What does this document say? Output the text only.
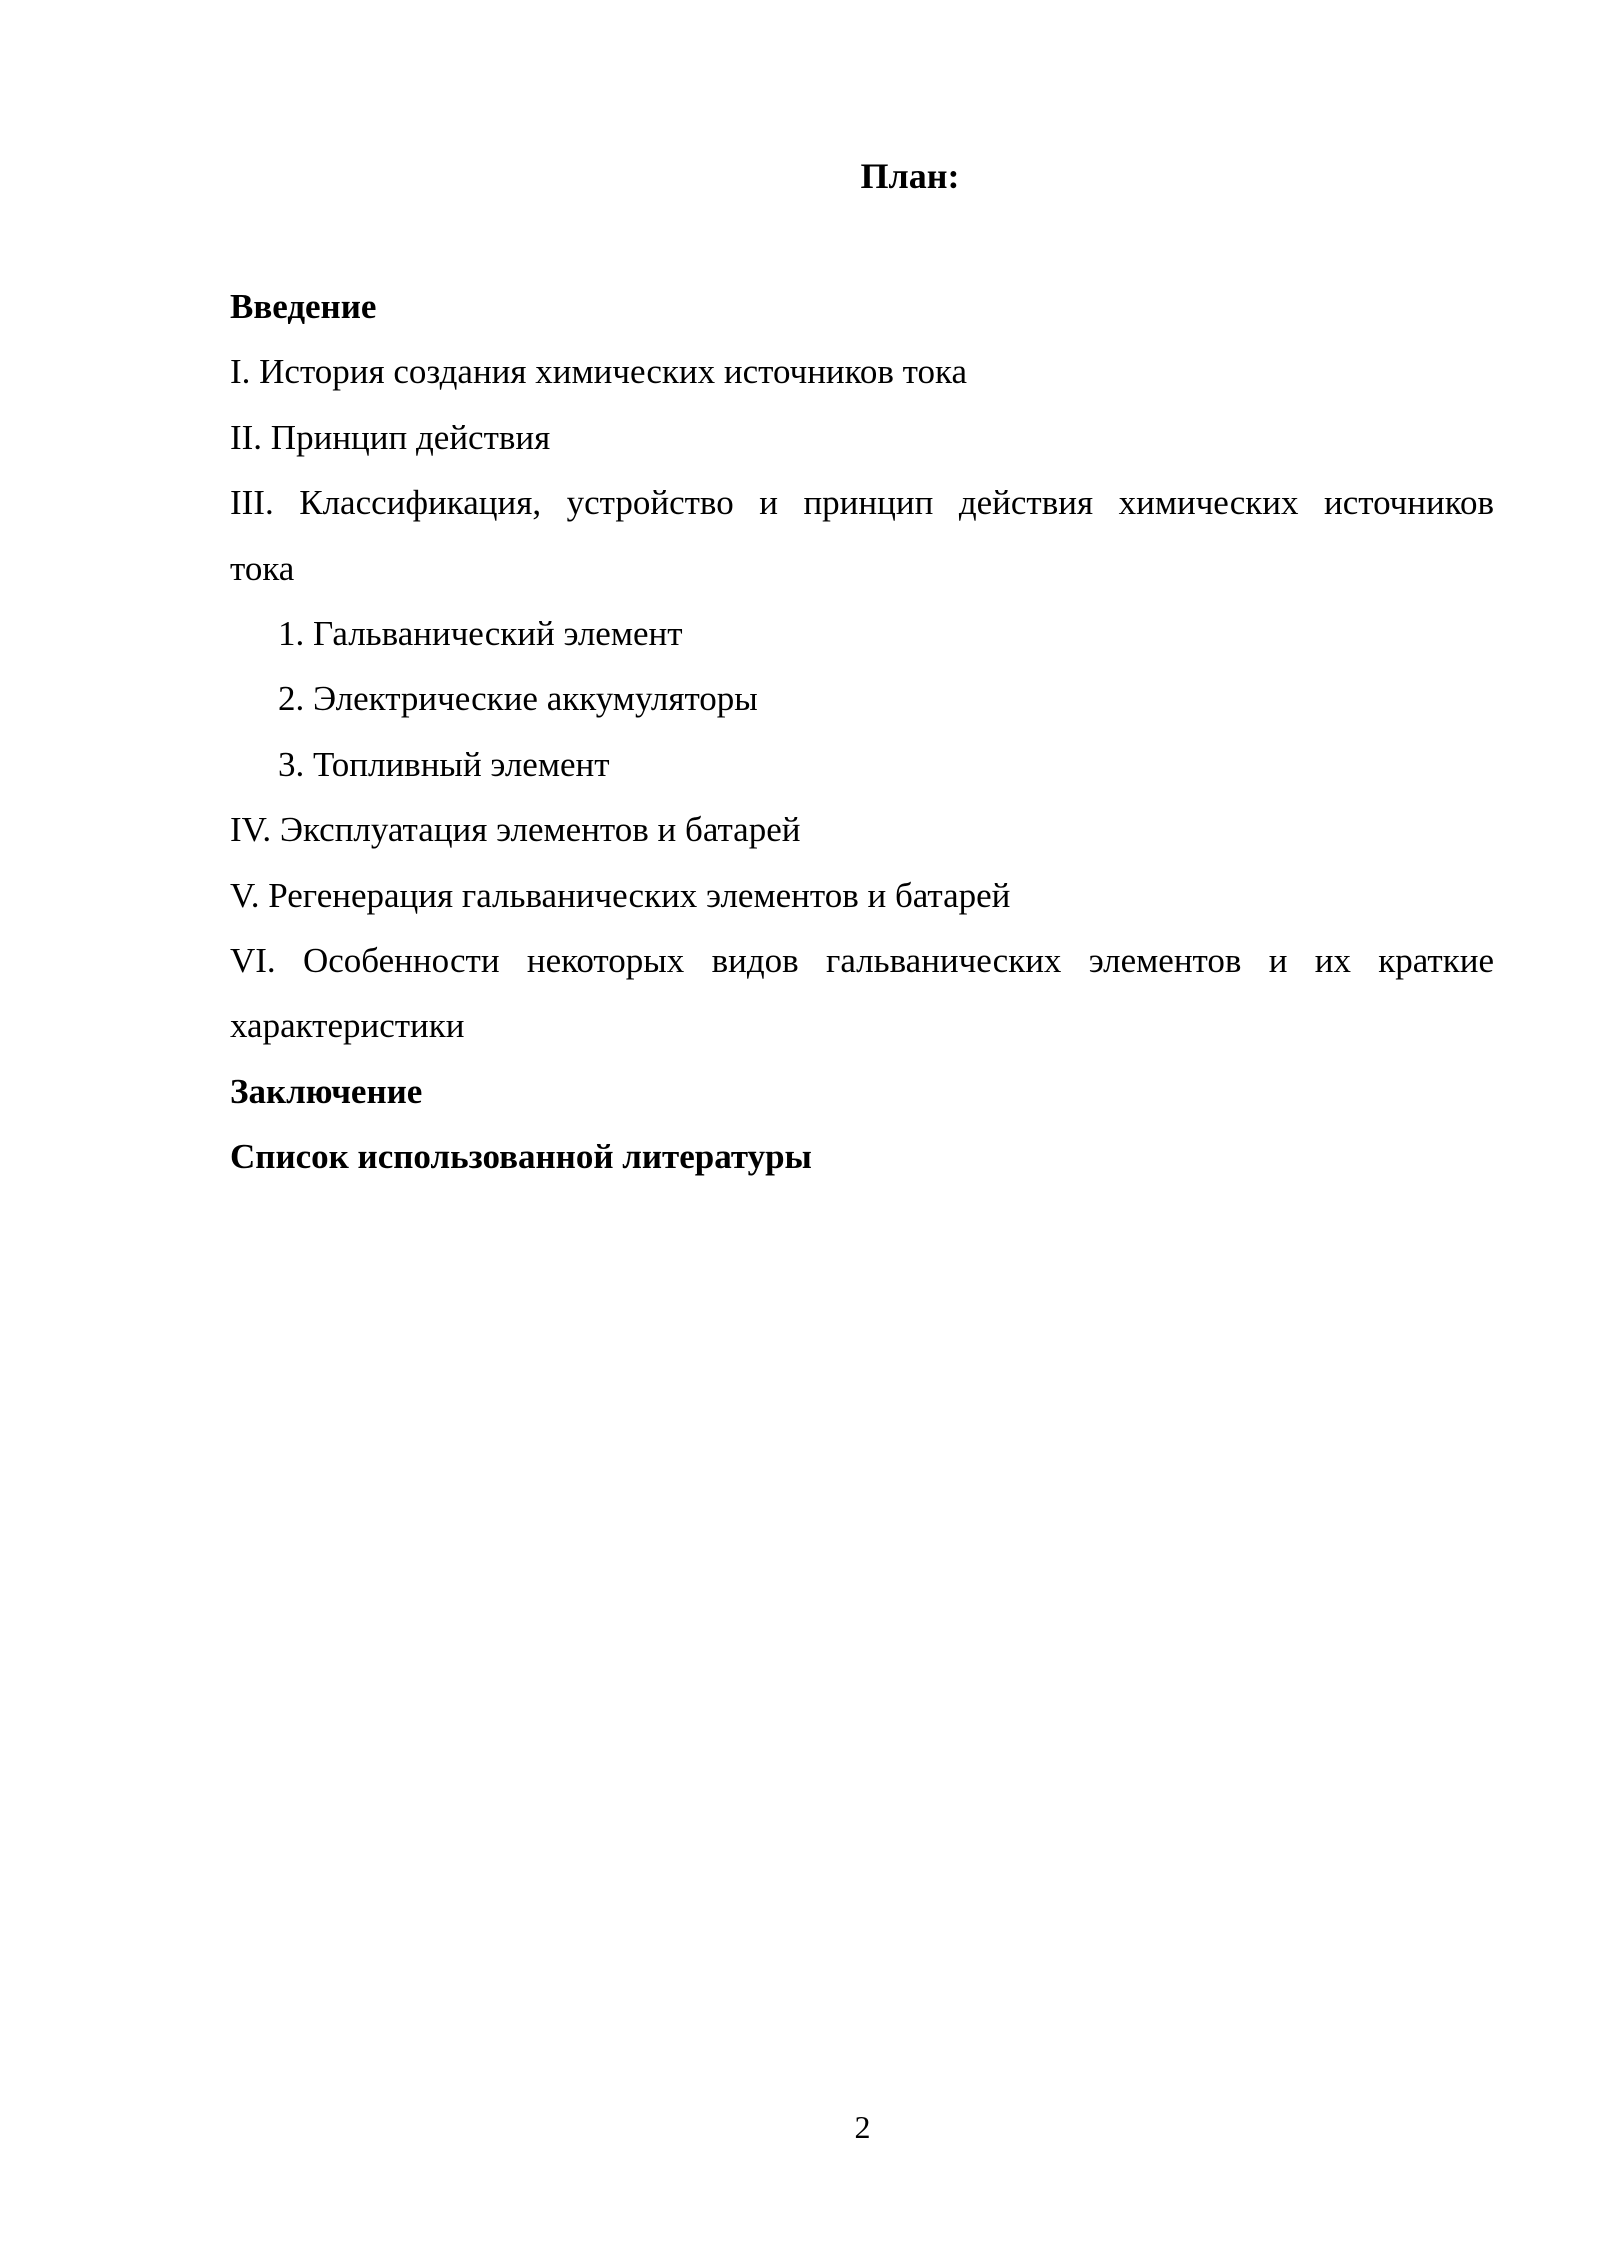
План:
Введение
I. История создания химических источников тока
II. Принцип действия
III. Классификация, устройство и принцип действия химических источников
тока
1. Гальванический элемент
2. Электрические аккумуляторы
3. Топливный элемент
IV. Эксплуатация элементов и батарей
V. Регенерация гальванических элементов и батарей
VI. Особенности некоторых видов гальванических элементов и их краткие
характеристики
Заключение
Список использованной литературы
2
